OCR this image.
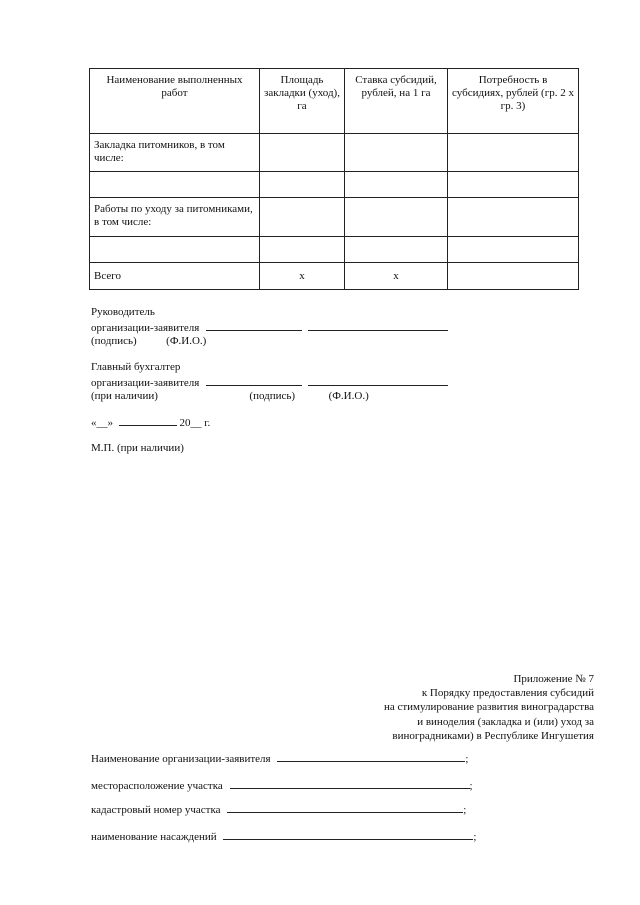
Наименование выполненных работ	Площадь закладки (уход), га	Ставка субсидий, рублей, на 1 га	Потребность в субсидиях, рублей (гр. 2 х гр. 3)
Закладка питомников, в том числе:			

Работы по уходу за питомниками, в том числе:			

Всего	х	х	
Руководитель
организации-заявителя
(подпись)	(Ф.И.О.)
Главный бухгалтер
организации-заявителя
(при наличии)	(подпись)	(Ф.И.О.)
«__»	20__ г.
М.П. (при наличии)
Приложение № 7
к Порядку предоставления субсидий
на стимулирование развития виноградарства
и виноделия (закладка и (или) уход за
виноградниками) в Республике Ингушетия
Наименование организации-заявителя	;
месторасположение участка	;
кадастровый номер участка	;
наименование насаждений	;
